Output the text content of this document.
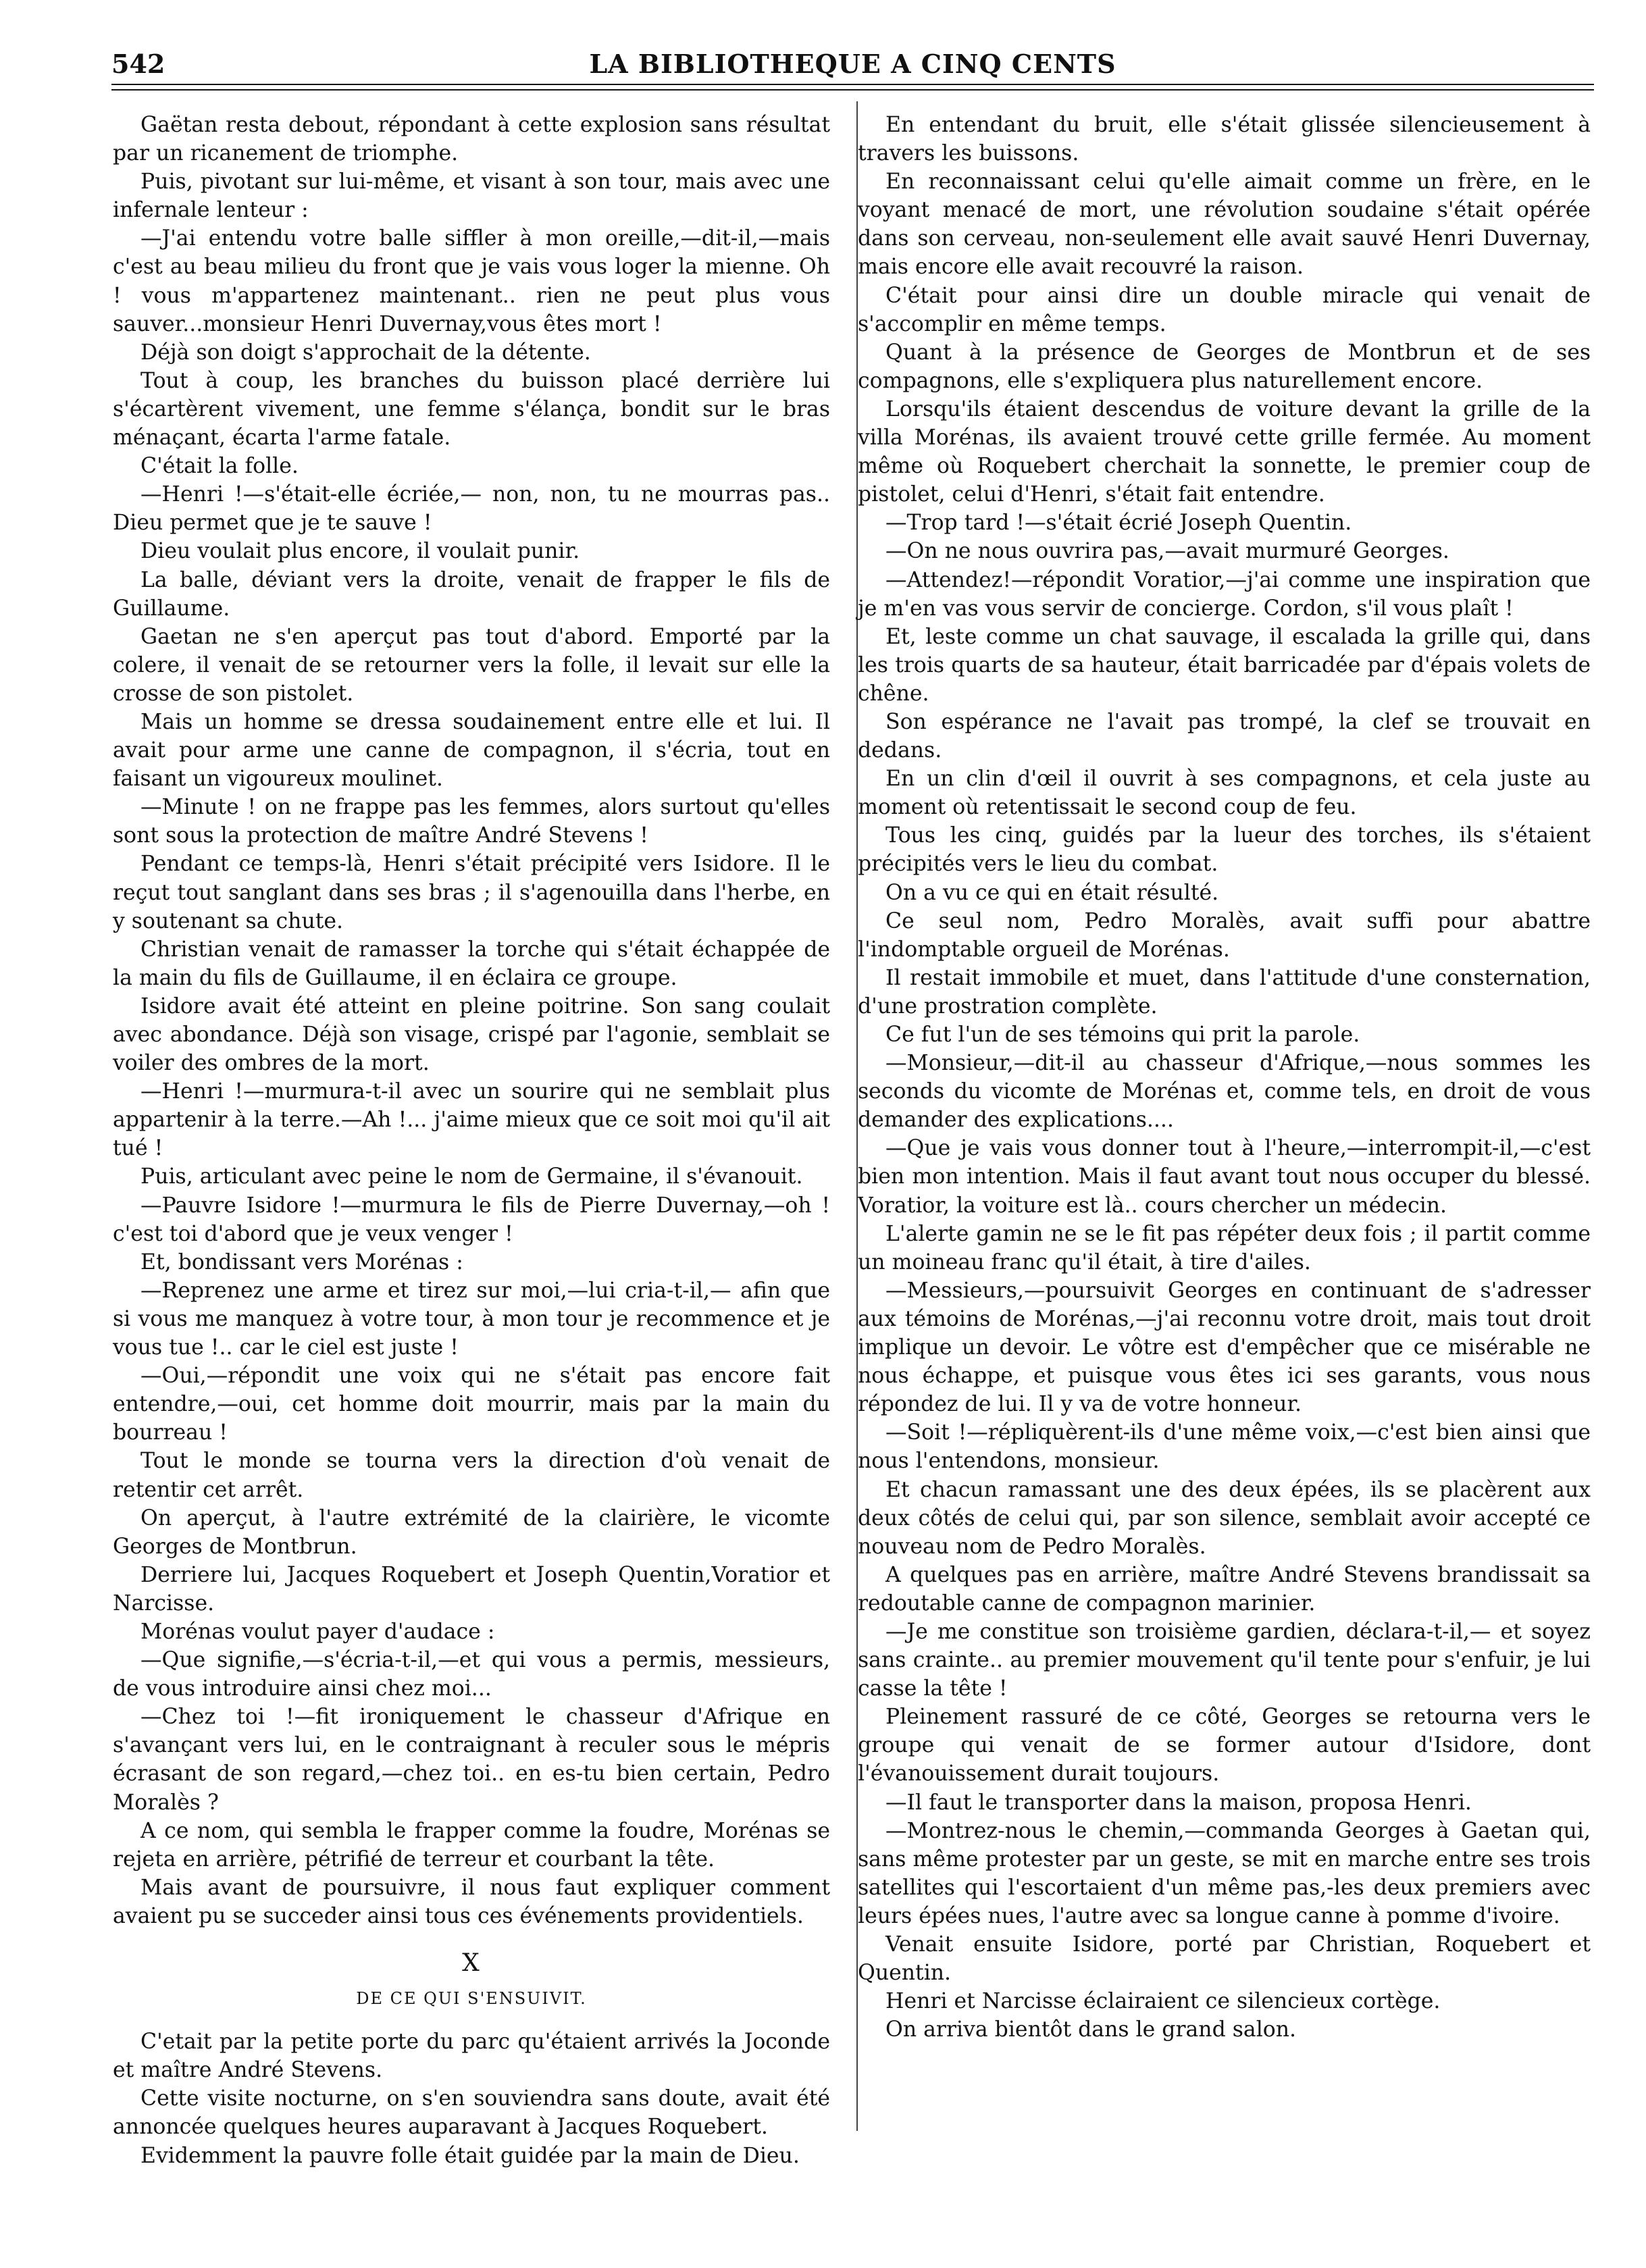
542	LA BIBLIOTHEQUE A CINQ CENTS

Gaëtan resta debout, répondant à cette explosion sans résultat par un ricanement de triomphe.

Puis, pivotant sur lui-même, et visant à son tour, mais avec une infernale lenteur :

—J'ai entendu votre balle siffler à mon oreille,—dit-il,—mais c'est au beau milieu du front que je vais vous loger la mienne. Oh ! vous m'appartenez maintenant.. rien ne peut plus vous sauver...monsieur Henri Duvernay,vous êtes mort !

Déjà son doigt s'approchait de la détente.

Tout à coup, les branches du buisson placé derrière lui s'écartèrent vivement, une femme s'élança, bondit sur le bras ménaçant, écarta l'arme fatale.

C'était la folle.

—Henri !—s'était-elle écriée,— non, non, tu ne mourras pas.. Dieu permet que je te sauve !

Dieu voulait plus encore, il voulait punir.

La balle, déviant vers la droite, venait de frapper le fils de Guillaume.

Gaetan ne s'en aperçut pas tout d'abord. Emporté par la colere, il venait de se retourner vers la folle, il levait sur elle la crosse de son pistolet.

Mais un homme se dressa soudainement entre elle et lui. Il avait pour arme une canne de compagnon, il s'écria, tout en faisant un vigoureux moulinet.

—Minute ! on ne frappe pas les femmes, alors surtout qu'elles sont sous la protection de maître André Stevens !

Pendant ce temps-là, Henri s'était précipité vers Isidore. Il le reçut tout sanglant dans ses bras ; il s'agenouilla dans l'herbe, en y soutenant sa chute.

Christian venait de ramasser la torche qui s'était échappée de la main du fils de Guillaume, il en éclaira ce groupe.

Isidore avait été atteint en pleine poitrine. Son sang coulait avec abondance. Déjà son visage, crispé par l'agonie, semblait se voiler des ombres de la mort.

—Henri !—murmura-t-il avec un sourire qui ne semblait plus appartenir à la terre.—Ah !... j'aime mieux que ce soit moi qu'il ait tué !

Puis, articulant avec peine le nom de Germaine, il s'évanouit.

—Pauvre Isidore !—murmura le fils de Pierre Duvernay,—oh ! c'est toi d'abord que je veux venger !

Et, bondissant vers Morénas :

—Reprenez une arme et tirez sur moi,—lui cria-t-il,— afin que si vous me manquez à votre tour, à mon tour je recommence et je vous tue !.. car le ciel est juste !

—Oui,—répondit une voix qui ne s'était pas encore fait entendre,—oui, cet homme doit mourrir, mais par la main du bourreau !

Tout le monde se tourna vers la direction d'où venait de retentir cet arrêt.

On aperçut, à l'autre extrémité de la clairière, le vicomte Georges de Montbrun.

Derriere lui, Jacques Roquebert et Joseph Quentin,Voratior et Narcisse.

Morénas voulut payer d'audace :

—Que signifie,—s'écria-t-il,—et qui vous a permis, messieurs, de vous introduire ainsi chez moi...

—Chez toi !—fit ironiquement le chasseur d'Afrique en s'avançant vers lui, en le contraignant à reculer sous le mépris écrasant de son regard,—chez toi.. en es-tu bien certain, Pedro Moralès ?

A ce nom, qui sembla le frapper comme la foudre, Morénas se rejeta en arrière, pétrifié de terreur et courbant la tête.

Mais avant de poursuivre, il nous faut expliquer comment avaient pu se succeder ainsi tous ces événements providentiels.

X

DE CE QUI S'ENSUIVIT.

C'etait par la petite porte du parc qu'étaient arrivés la Joconde et maître André Stevens.

Cette visite nocturne, on s'en souviendra sans doute, avait été annoncée quelques heures auparavant à Jacques Roquebert.

Evidemment la pauvre folle était guidée par la main de Dieu.

En entendant du bruit, elle s'était glissée silencieusement à travers les buissons.

En reconnaissant celui qu'elle aimait comme un frère, en le voyant menacé de mort, une révolution soudaine s'était opérée dans son cerveau, non-seulement elle avait sauvé Henri Duvernay, mais encore elle avait recouvré la raison.

C'était pour ainsi dire un double miracle qui venait de s'accomplir en même temps.

Quant à la présence de Georges de Montbrun et de ses compagnons, elle s'expliquera plus naturellement encore.

Lorsqu'ils étaient descendus de voiture devant la grille de la villa Morénas, ils avaient trouvé cette grille fermée. Au moment même où Roquebert cherchait la sonnette, le premier coup de pistolet, celui d'Henri, s'était fait entendre.

—Trop tard !—s'était écrié Joseph Quentin.

—On ne nous ouvrira pas,—avait murmuré Georges.

—Attendez!—répondit Voratior,—j'ai comme une inspiration que je m'en vas vous servir de concierge. Cordon, s'il vous plaît !

Et, leste comme un chat sauvage, il escalada la grille qui, dans les trois quarts de sa hauteur, était barricadée par d'épais volets de chêne.

Son espérance ne l'avait pas trompé, la clef se trouvait en dedans.

En un clin d'œil il ouvrit à ses compagnons, et cela juste au moment où retentissait le second coup de feu.

Tous les cinq, guidés par la lueur des torches, ils s'étaient précipités vers le lieu du combat.

On a vu ce qui en était résulté.

Ce seul nom, Pedro Moralès, avait suffi pour abattre l'indomptable orgueil de Morénas.

Il restait immobile et muet, dans l'attitude d'une consternation, d'une prostration complète.

Ce fut l'un de ses témoins qui prit la parole.

—Monsieur,—dit-il au chasseur d'Afrique,—nous sommes les seconds du vicomte de Morénas et, comme tels, en droit de vous demander des explications....

—Que je vais vous donner tout à l'heure,—interrompit-il,—c'est bien mon intention. Mais il faut avant tout nous occuper du blessé. Voratior, la voiture est là.. cours chercher un médecin.

L'alerte gamin ne se le fit pas répéter deux fois ; il partit comme un moineau franc qu'il était, à tire d'ailes.

—Messieurs,—poursuivit Georges en continuant de s'adresser aux témoins de Morénas,—j'ai reconnu votre droit, mais tout droit implique un devoir. Le vôtre est d'empêcher que ce misérable ne nous échappe, et puisque vous êtes ici ses garants, vous nous répondez de lui. Il y va de votre honneur.

—Soit !—répliquèrent-ils d'une même voix,—c'est bien ainsi que nous l'entendons, monsieur.

Et chacun ramassant une des deux épées, ils se placèrent aux deux côtés de celui qui, par son silence, semblait avoir accepté ce nouveau nom de Pedro Moralès.

A quelques pas en arrière, maître André Stevens brandissait sa redoutable canne de compagnon marinier.

—Je me constitue son troisième gardien, déclara-t-il,— et soyez sans crainte.. au premier mouvement qu'il tente pour s'enfuir, je lui casse la tête !

Pleinement rassuré de ce côté, Georges se retourna vers le groupe qui venait de se former autour d'Isidore, dont l'évanouissement durait toujours.

—Il faut le transporter dans la maison, proposa Henri.

—Montrez-nous le chemin,—commanda Georges à Gaetan qui, sans même protester par un geste, se mit en marche entre ses trois satellites qui l'escortaient d'un même pas,-les deux premiers avec leurs épées nues, l'autre avec sa longue canne à pomme d'ivoire.

Venait ensuite Isidore, porté par Christian, Roquebert et Quentin.

Henri et Narcisse éclairaient ce silencieux cortège.

On arriva bientôt dans le grand salon.
